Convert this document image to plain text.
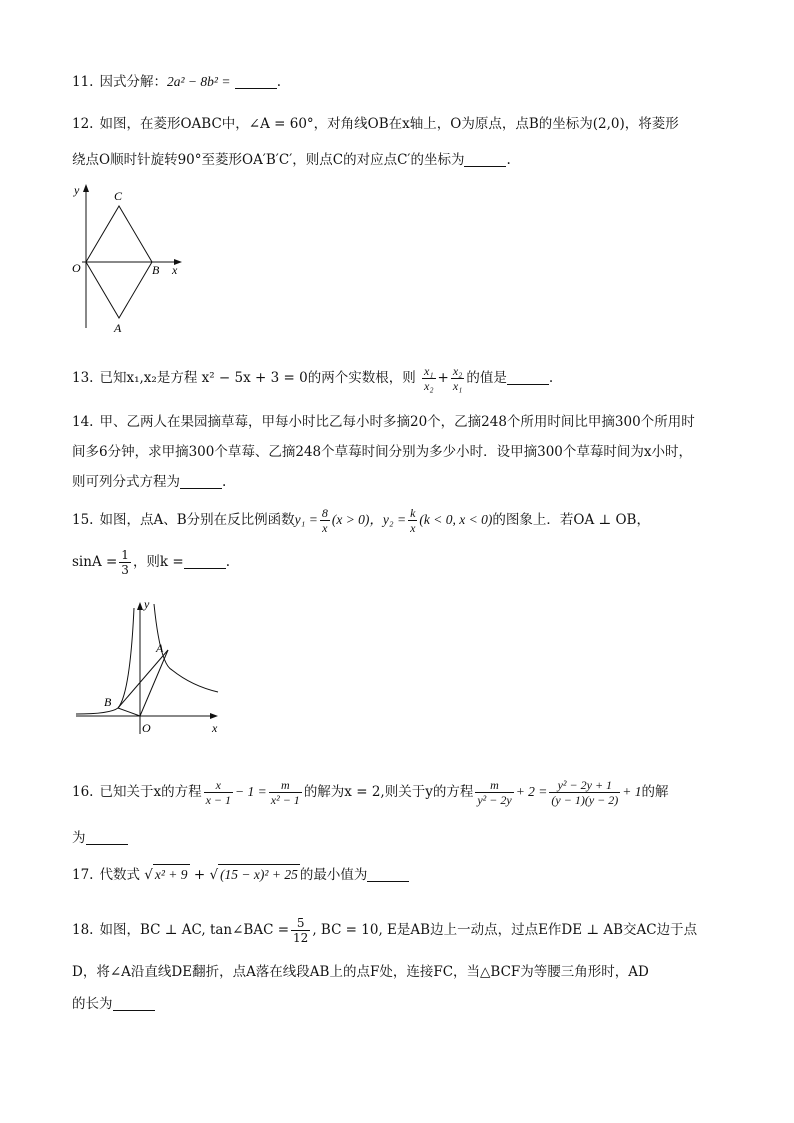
11. 因式分解：2a² − 8b² =	.
12. 如图，在菱形OABC中，∠A = 60°，对角线OB在x轴上，O为原点，点B的坐标为(2,0)，将菱形
绕点O顺时针旋转90°至菱形OA′B′C′，则点C的对应点C′的坐标为	.
y	C
O	B x
A
13. 已知x₁,x₂是方程 x² − 5x + 3 = 0的两个实数根，则 $\frac{\text{x₁}}{\text{x₂}} + \frac{\text{x₂}}{\text{x₁}}$ 的值是	.
14. 甲、乙两人在果园摘草莓，甲每小时比乙每小时多摘20个，乙摘248个所用时间比甲摘300个所用时
间多6分钟，求甲摘300个草莓、乙摘248个草莓时间分别为多少小时．设甲摘300个草莓时间为x小时，
则可列分式方程为	.
15. 如图，点A、B分别在反比例函数$y_1 = \frac{8}{x} (x > 0)$，$y_2 = \frac{k}{x} (k < 0$, x < 0)的图象上．若OA ⊥ OB，
$\sin A = \frac{1}{3}$ ，则k =	.
y
A
B
O	x
16. 已知关于x的方程 $\frac{x}{x - 1} - 1 = \frac{m}{\text{x² − 1}}$ 的解为x = 2,则关于y的方程 $\frac{m}{\text{y² − 2y}} + 2 = \frac{\text{y² − 2y + 1}}{(y - 1)(y - 2)} + 1$的解
为
17. 代数式 √ x² + 9 + √ (15 − x)² + 25 的最小值为
18. 如图，BC ⊥ AC, tan∠BAC = $\frac{5}{12}$ , BC = 10, E是AB边上一动点，过点E作DE ⊥ AB交AC边于点
D，将∠A沿直线DE翻折，点A落在线段AB上的点F处，连接FC，当△BCF为等腰三角形时，AD
的长为
